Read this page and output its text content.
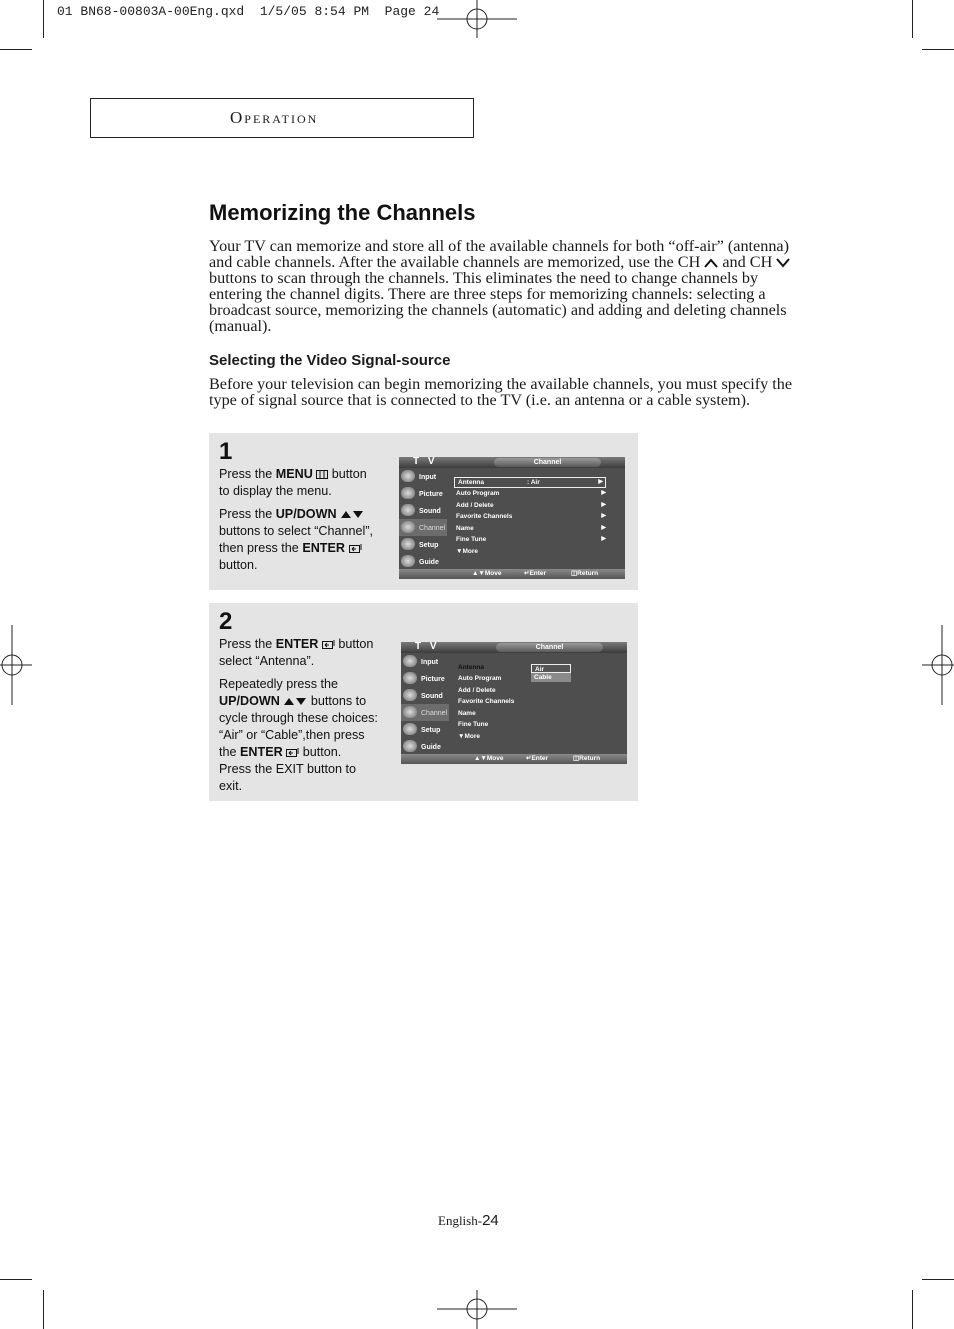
01 BN68-00803A-00Eng.qxd  1/5/05 8:54 PM  Page 24
Operation
Memorizing the Channels
Your TV can memorize and store all of the available channels for both “off-air” (antenna)
and cable channels. After the available channels are memorized, use the CH and CH
buttons to scan through the channels. This eliminates the need to change channels by
entering the channel digits. There are three steps for memorizing channels: selecting a
broadcast source, memorizing the channels (automatic) and adding and deleting channels
(manual).
Selecting the Video Signal-source
Before your television can begin memorizing the available channels, you must specify the
type of signal source that is connected to the TV (i.e. an antenna or a cable system).
1

Press the MENU  button

to display the menu.

Press the UP/DOWN

buttons to select “Channel”,

then press the ENTER

button.

T V	Channel
Input
Picture
Sound
Channel
Setup
Guide
Antenna	: Air	▶
Auto Program	▶
Add / Delete	▶
Favorite Channels	▶
Name	▶
Fine Tune	▶
▼More
▲▼ Move	↵ Enter	◫ Return
2

Press the ENTER  button

select “Antenna”.

Repeatedly press the

UP/DOWN  buttons to

cycle through these choices:

“Air” or “Cable”,then press

the ENTER  button.

Press the EXIT button to

exit.

T V	Channel
Input
Picture
Sound
Channel
Setup
Guide
Antenna
Auto Program
Add / Delete
Favorite Channels
Name
Fine Tune
▼More
Air
Cable
▲▼ Move	↵ Enter	◫ Return
English-24
